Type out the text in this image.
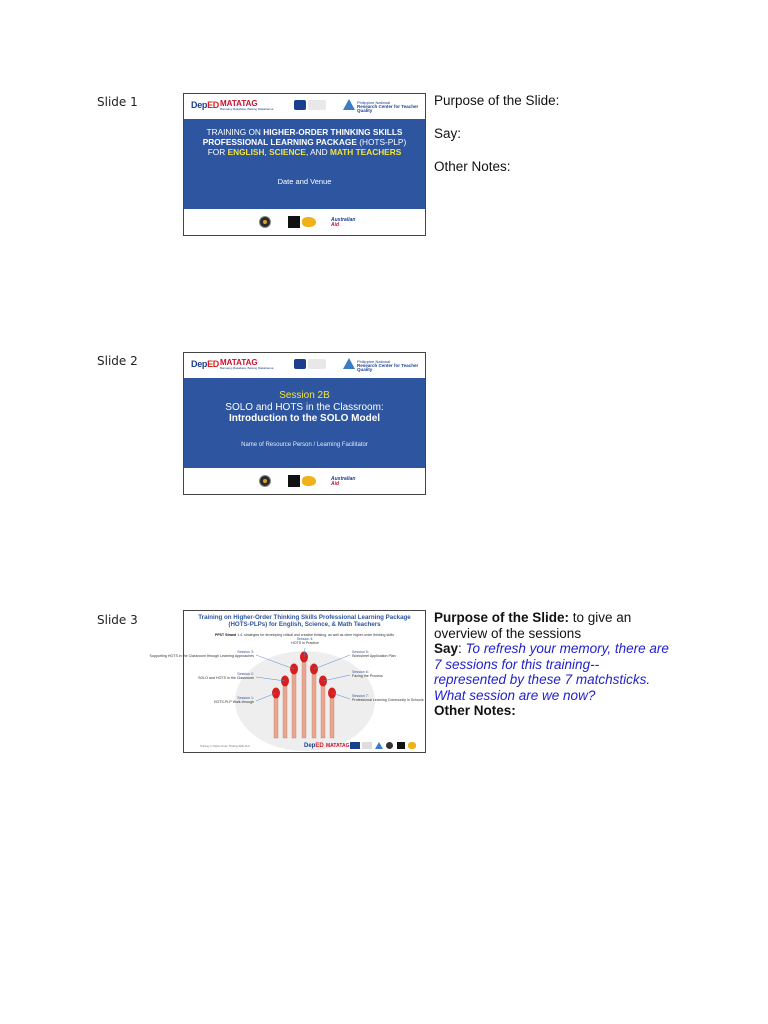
Slide 1	DepED MATATAG
Bansang Makabata, Batang Makabansa
Philippine National
Research Center for Teacher Quality
TRAINING ON HIGHER-ORDER THINKING SKILLS PROFESSIONAL LEARNING PACKAGE (HOTS-PLP) FOR ENGLISH, SCIENCE, AND MATH TEACHERS
Date and Venue
Australian
Aid
Purpose of the Slide:
Say:
Other Notes:
Slide 2	DepED MATATAG
Bansang Makabata, Batang Makabansa
Philippine National
Research Center for Teacher Quality
Session 2B
SOLO and HOTS in the Classroom:
Introduction to the SOLO Model
Name of Resource Person / Learning Facilitator
Australian
Aid
Slide 3	Training on Higher-Order Thinking Skills Professional Learning Package (HOTS-PLPs) for English, Science, & Math Teachers
PPST Strand 1.4. strategies for developing critical and creative thinking, as well as other higher-order thinking skills
Session 1: HOTS-PLP Walk-through
Session 2: SOLO and HOTS in the Classroom
Session 3: Supporting HOTS in the Classroom through Learning Approaches
Session 4: HOTS in Practice
Session 5: Worksheet Application Plan
Session 6: Facing the Process
Session 7: Professional Learning Community in Schools
Training on Higher-Order Thinking Skills PLP	DepED MATATAG
Purpose of the Slide: to give an overview of the sessions
Say: To refresh your memory, there are 7 sessions for this training--represented by these 7 matchsticks. What session are we now?
Other Notes:
